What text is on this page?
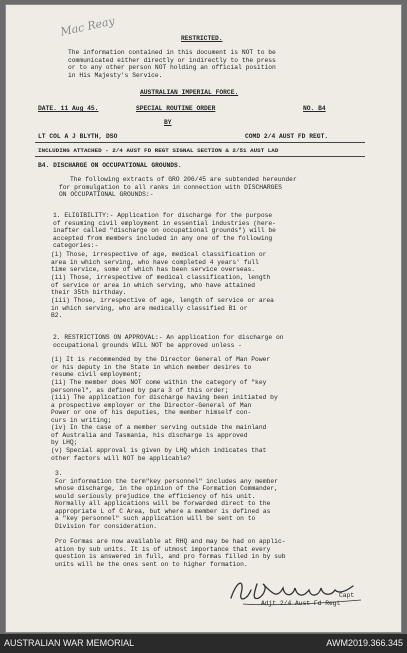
Mac Reay	RESTRICTED.
The information contained in this document is NOT to be
communicated either directly or indirectly to the press
or to any other person NOT holding an official position
in His Majesty's Service.
AUSTRALIAN IMPERIAL FORCE.
DATE. 11 Aug 45.	SPECIAL ROUTINE ORDER	NO. B4
BY
LT COL A J BLYTH, DSO	COMD 2/4 AUST FD REGT.
INCLUDING ATTACHED - 2/4 AUST FD REGT SIGNAL SECTION & 2/51 AUST LAD
B4. DISCHARGE ON OCCUPATIONAL GROUNDS.
The following extracts of GRO 206/45 are subtended hereunder
for promulgation to all ranks in connection with DISCHARGES
ON OCCUPATIONAL GROUNDS:-
1. ELIGIBILITY:- Application for discharge for the purpose
of resuming civil employment in essential industries (here-
inafter called "discharge on occupational grounds") will be
accepted from members included in any one of the following
categories:-
(i) Those, irrespective of age, medical classification or
area in which serving, who have completed 4 years' full
time service, some of which has been service overseas.
(ii) Those, irrespective of medical classification, length
of service or area in which serving, who have attained
their 35th birthday.
(iii) Those, irrespective of age, length of service or area
in which serving, who are medically classified B1 or
B2.
2. RESTRICTIONS ON APPROVAL:- An application for discharge on
occupational grounds WILL NOT be approved unless -
(i) It is recommended by the Director General of Man Power
or his deputy in the State in which member desires to
resume civil employment;
(ii) The member does NOT come within the category of "key
personnel", as defined by para 3 of this order;
(iii) The application for discharge having been initiated by
a prospective employer or the Director-General of Man
Power or one of his deputies, the member himself con-
curs in writing;
(iv) In the case of a member serving outside the mainland
of Australia and Tasmania, his discharge is approved
by LHQ;
(v) Special approval is given by LHQ which indicates that
other factors will NOT be applicable?
3.
For information the term"key personnel" includes any member
whose discharge, in the opinion of the Formation Commander,
would seriously prejudice the efficiency of his unit.
Normally all applications will be forwarded direct to the
appropriate L of C Area, but where a member is defined as
a "key personnel" such application will be sent on to
Division for consideration.
Pro Formas are now available at RHQ and may be had on applic-
ation by sub units. It is of utmost importance that every
question is answered in full, and pro formas filled in by sub
units will be the ones sent on to higher formation.
Capt
Adjt 2/4 Aust Fd Regt
AUSTRALIAN WAR MEMORIAL	AWM2019.366.345
